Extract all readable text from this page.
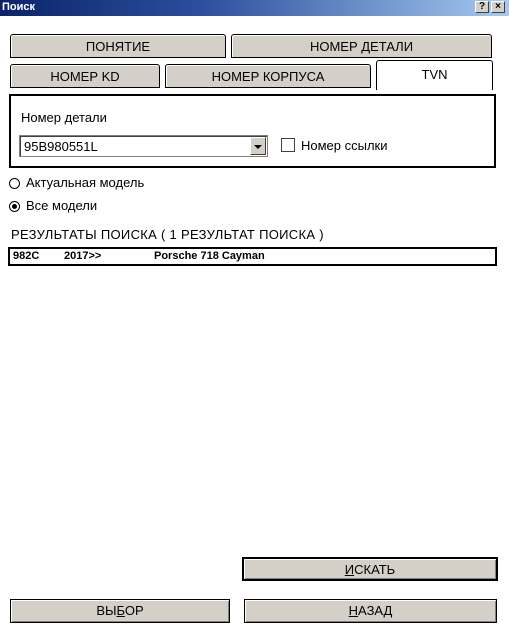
Поиск	?	×
ПОНЯТИЕ	НОМЕР ДЕТАЛИ
НОМЕР KD	НОМЕР КОРПУСА	TVN
Номер детали
95B980551L	Номер ссылки
Актуальная модель
Все модели
РЕЗУЛЬТАТЫ ПОИСКА ( 1 РЕЗУЛЬТАТ ПОИСКА )
982C 2017>>	Porsche 718 Cayman
ИСКАТЬ
ВЫБОР	НАЗАД
